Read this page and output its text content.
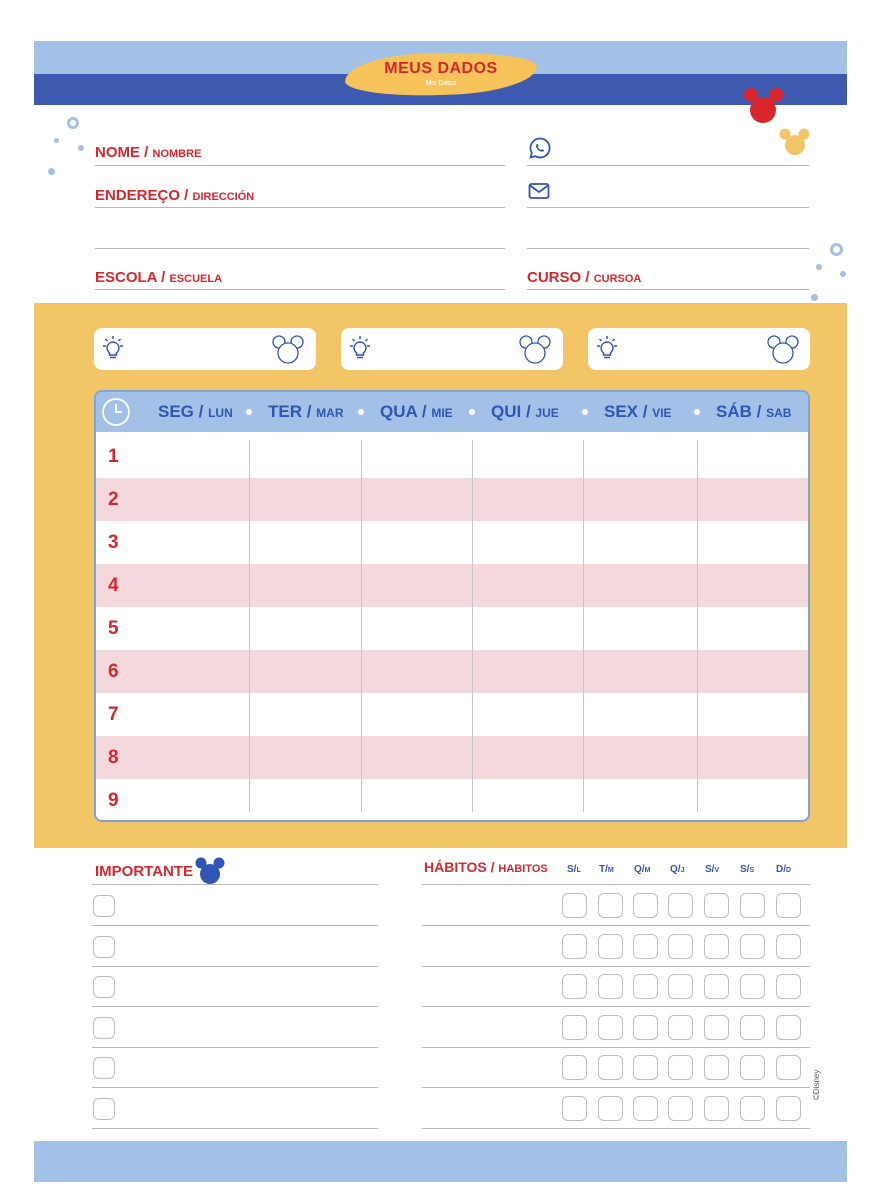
MEUS DADOS
Mis Datos
NOME / NOMBRE
ENDEREÇO / DIRECCIÓN
ESCOLA / ESCUELA	CURSO / CURSOA
SEG / LUN TER / MAR QUA / MIE QUI / JUE	SEX / VIE	SÁB / SAB
1
2
3
4
5
6
7
8
9
IMPORTANTE	HÁBITOS / HABITOS S/L T/M Q/M Q/J S/V S/S D/D
©Disney
